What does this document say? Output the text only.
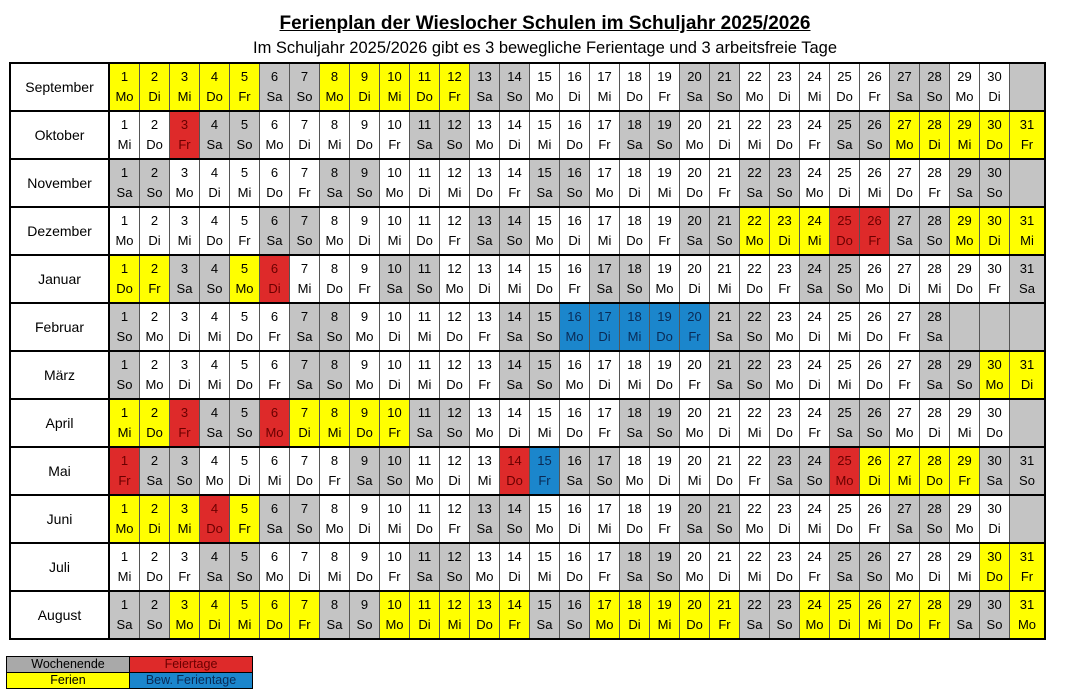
Ferienplan der Wieslocher Schulen im Schuljahr 2025/2026
Im Schuljahr 2025/2026 gibt es 3 bewegliche Ferientage und 3 arbeitsfreie Tage
September	1	2	3	4	5	6	7	8	9	10	11	12	13	14	15	16	17	18	19	20	21	22	23	24	25	26	27	28	29	30	
	Mo	Di	Mi	Do	Fr	Sa	So	Mo	Di	Mi	Do	Fr	Sa	So	Mo	Di	Mi	Do	Fr	Sa	So	Mo	Di	Mi	Do	Fr	Sa	So	Mo	Di	
Oktober	1	2	3	4	5	6	7	8	9	10	11	12	13	14	15	16	17	18	19	20	21	22	23	24	25	26	27	28	29	30	31
	Mi	Do	Fr	Sa	So	Mo	Di	Mi	Do	Fr	Sa	So	Mo	Di	Mi	Do	Fr	Sa	So	Mo	Di	Mi	Do	Fr	Sa	So	Mo	Di	Mi	Do	Fr
November	1	2	3	4	5	6	7	8	9	10	11	12	13	14	15	16	17	18	19	20	21	22	23	24	25	26	27	28	29	30	
	Sa	So	Mo	Di	Mi	Do	Fr	Sa	So	Mo	Di	Mi	Do	Fr	Sa	So	Mo	Di	Mi	Do	Fr	Sa	So	Mo	Di	Mi	Do	Fr	Sa	So	
Dezember	1	2	3	4	5	6	7	8	9	10	11	12	13	14	15	16	17	18	19	20	21	22	23	24	25	26	27	28	29	30	31
	Mo	Di	Mi	Do	Fr	Sa	So	Mo	Di	Mi	Do	Fr	Sa	So	Mo	Di	Mi	Do	Fr	Sa	So	Mo	Di	Mi	Do	Fr	Sa	So	Mo	Di	Mi
Januar	1	2	3	4	5	6	7	8	9	10	11	12	13	14	15	16	17	18	19	20	21	22	23	24	25	26	27	28	29	30	31
	Do	Fr	Sa	So	Mo	Di	Mi	Do	Fr	Sa	So	Mo	Di	Mi	Do	Fr	Sa	So	Mo	Di	Mi	Do	Fr	Sa	So	Mo	Di	Mi	Do	Fr	Sa
Februar	1	2	3	4	5	6	7	8	9	10	11	12	13	14	15	16	17	18	19	20	21	22	23	24	25	26	27	28			
	So	Mo	Di	Mi	Do	Fr	Sa	So	Mo	Di	Mi	Do	Fr	Sa	So	Mo	Di	Mi	Do	Fr	Sa	So	Mo	Di	Mi	Do	Fr	Sa			
März	1	2	3	4	5	6	7	8	9	10	11	12	13	14	15	16	17	18	19	20	21	22	23	24	25	26	27	28	29	30	31
	So	Mo	Di	Mi	Do	Fr	Sa	So	Mo	Di	Mi	Do	Fr	Sa	So	Mo	Di	Mi	Do	Fr	Sa	So	Mo	Di	Mi	Do	Fr	Sa	So	Mo	Di
April	1	2	3	4	5	6	7	8	9	10	11	12	13	14	15	16	17	18	19	20	21	22	23	24	25	26	27	28	29	30	
	Mi	Do	Fr	Sa	So	Mo	Di	Mi	Do	Fr	Sa	So	Mo	Di	Mi	Do	Fr	Sa	So	Mo	Di	Mi	Do	Fr	Sa	So	Mo	Di	Mi	Do	
Mai	1	2	3	4	5	6	7	8	9	10	11	12	13	14	15	16	17	18	19	20	21	22	23	24	25	26	27	28	29	30	31
	Fr	Sa	So	Mo	Di	Mi	Do	Fr	Sa	So	Mo	Di	Mi	Do	Fr	Sa	So	Mo	Di	Mi	Do	Fr	Sa	So	Mo	Di	Mi	Do	Fr	Sa	So
Juni	1	2	3	4	5	6	7	8	9	10	11	12	13	14	15	16	17	18	19	20	21	22	23	24	25	26	27	28	29	30	
	Mo	Di	Mi	Do	Fr	Sa	So	Mo	Di	Mi	Do	Fr	Sa	So	Mo	Di	Mi	Do	Fr	Sa	So	Mo	Di	Mi	Do	Fr	Sa	So	Mo	Di	
Juli	1	2	3	4	5	6	7	8	9	10	11	12	13	14	15	16	17	18	19	20	21	22	23	24	25	26	27	28	29	30	31
	Mi	Do	Fr	Sa	So	Mo	Di	Mi	Do	Fr	Sa	So	Mo	Di	Mi	Do	Fr	Sa	So	Mo	Di	Mi	Do	Fr	Sa	So	Mo	Di	Mi	Do	Fr
August	1	2	3	4	5	6	7	8	9	10	11	12	13	14	15	16	17	18	19	20	21	22	23	24	25	26	27	28	29	30	31
	Sa	So	Mo	Di	Mi	Do	Fr	Sa	So	Mo	Di	Mi	Do	Fr	Sa	So	Mo	Di	Mi	Do	Fr	Sa	So	Mo	Di	Mi	Do	Fr	Sa	So	Mo
Wochenende	Feiertage
Ferien	Bew. Ferientage
